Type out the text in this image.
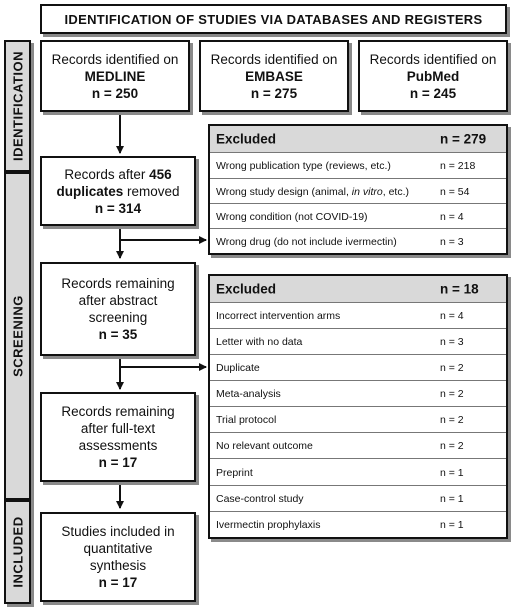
IDENTIFICATION OF STUDIES VIA DATABASES AND REGISTERS
IDENTIFICATION
SCREENING
INCLUDED
Records identified on
MEDLINE
n = 250
Records identified on
EMBASE
n = 275
Records identified on
PubMed
n = 245
Records after 456
duplicates removed
n = 314
Records remaining
after abstract
screening
n = 35
Records remaining
after full-text
assessments
n = 17
Studies included in
quantitative
synthesis
n = 17
Excluded	n = 279
Wrong publication type (reviews, etc.)	n = 218
Wrong study design (animal, in vitro, etc.)	n = 54
Wrong condition (not COVID-19)	n = 4
Wrong drug (do not include ivermectin)	n = 3
Excluded	n = 18
Incorrect intervention arms	n = 4
Letter with no data	n = 3
Duplicate	n = 2
Meta-analysis	n = 2
Trial protocol	n = 2
No relevant outcome	n = 2
Preprint	n = 1
Case-control study	n = 1
Ivermectin prophylaxis	n = 1
